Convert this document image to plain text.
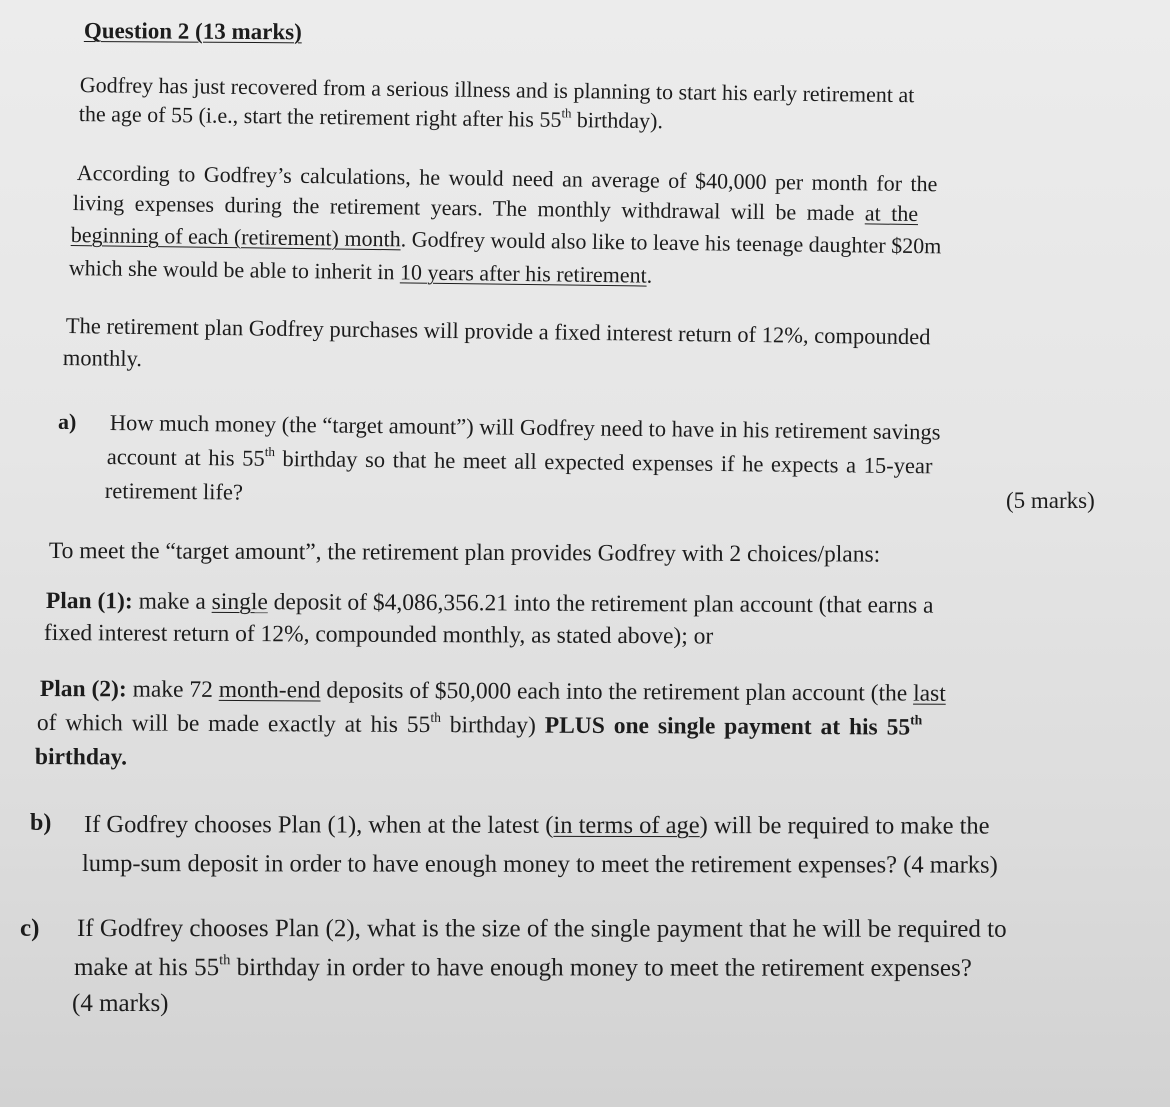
Question 2 (13 marks)
Godfrey has just recovered from a serious illness and is planning to start his early retirement at
the age of 55 (i.e., start the retirement right after his 55th birthday).
According to Godfrey’s calculations, he would need an average of $40,000 per month for the
living expenses during the retirement years. The monthly withdrawal will be made at the
beginning of each (retirement) month. Godfrey would also like to leave his teenage daughter $20m
which she would be able to inherit in 10 years after his retirement.
The retirement plan Godfrey purchases will provide a fixed interest return of 12%, compounded
monthly.
a) How much money (the “target amount”) will Godfrey need to have in his retirement savings
account at his 55th birthday so that he meet all expected expenses if he expects a 15-year
retirement life?	(5 marks)
To meet the “target amount”, the retirement plan provides Godfrey with 2 choices/plans:
Plan (1): make a single deposit of $4,086,356.21 into the retirement plan account (that earns a
fixed interest return of 12%, compounded monthly, as stated above); or
Plan (2): make 72 month-end deposits of $50,000 each into the retirement plan account (the last
of which will be made exactly at his 55th birthday) PLUS one single payment at his 55th
birthday.
b) If Godfrey chooses Plan (1), when at the latest (in terms of age) will be required to make the
lump-sum deposit in order to have enough money to meet the retirement expenses? (4 marks)
c) If Godfrey chooses Plan (2), what is the size of the single payment that he will be required to
make at his 55th birthday in order to have enough money to meet the retirement expenses?
(4 marks)
